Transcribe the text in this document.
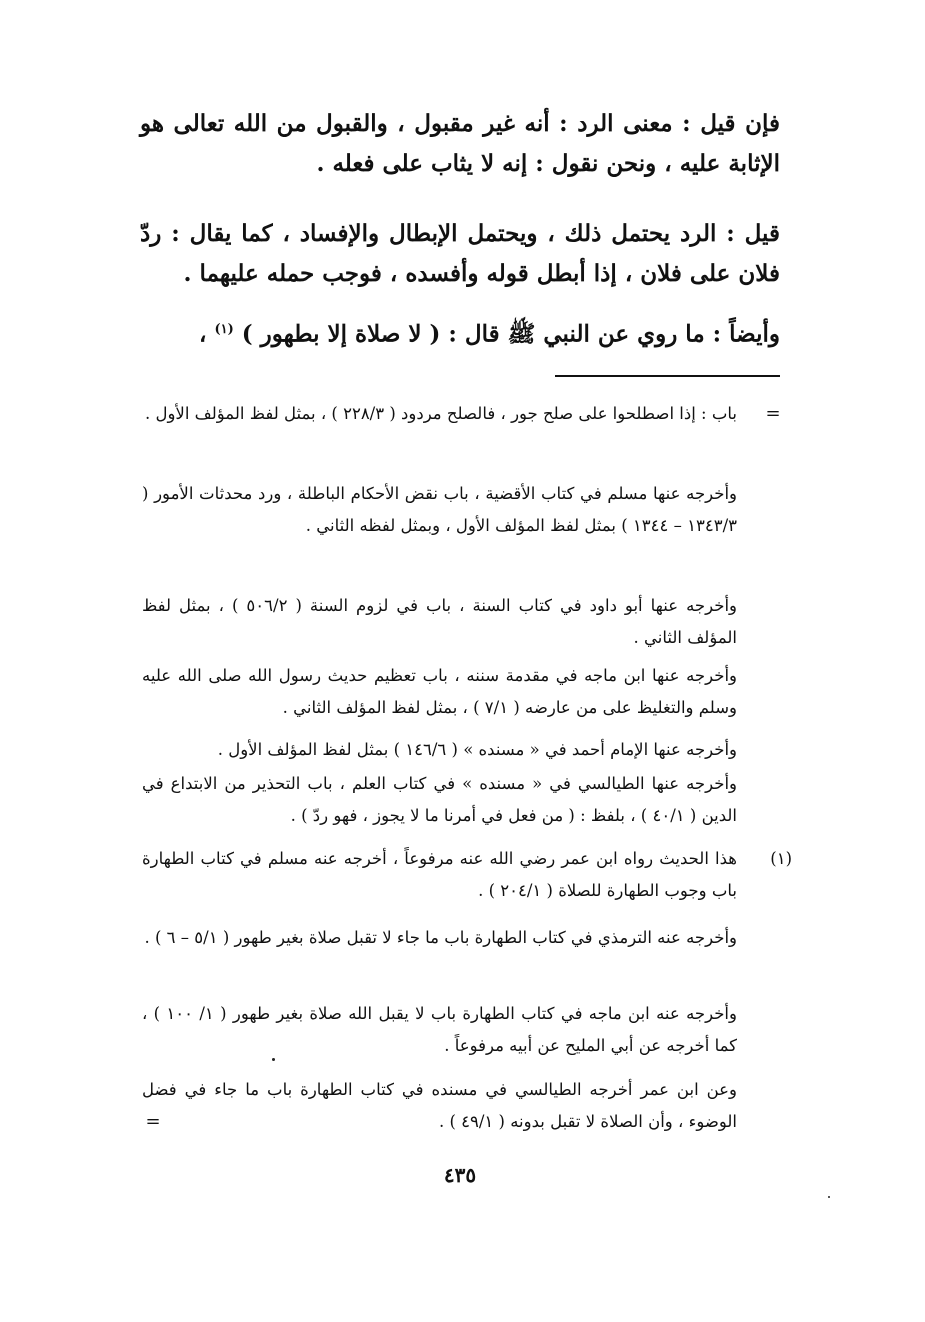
فإن قيل : معنى الرد : أنه غير مقبول ، والقبول من الله تعالى هو الإثابة عليه ، ونحن نقول : إنه لا يثاب على فعله .

قيل : الرد يحتمل ذلك ، ويحتمل الإبطال والإفساد ، كما يقال : ردّ فلان على فلان ، إذا أبطل قوله وأفسده ، فوجب حمله عليهما .

وأيضاً : ما روي عن النبي ﷺ قال : ( لا صلاة إلا بطهور ) $^{(١)}$ ،

=

باب : إذا اصطلحوا على صلح جور ، فالصلح مردود ( ٢٢٨/٣ ) ، بمثل لفظ المؤلف الأول .

وأخرجه عنها مسلم في كتاب الأقضية ، باب نقض الأحكام الباطلة ، ورد محدثات الأمور ( ١٣٤٣/٣ – ١٣٤٤ ) بمثل لفظ المؤلف الأول ، وبمثل لفظه الثاني .

وأخرجه عنها أبو داود في كتاب السنة ، باب في لزوم السنة ( ٥٠٦/٢ ) ، بمثل لفظ المؤلف الثاني .

وأخرجه عنها ابن ماجه في مقدمة سننه ، باب تعظيم حديث رسول الله صلى الله عليه وسلم والتغليظ على من عارضه ( ٧/١ ) ، بمثل لفظ المؤلف الثاني .

وأخرجه عنها الإمام أحمد في « مسنده » ( ١٤٦/٦ ) بمثل لفظ المؤلف الأول .

وأخرجه عنها الطيالسي في « مسنده » في كتاب العلم ، باب التحذير من الابتداع في الدين ( ٤٠/١ ) ، بلفظ : ( من فعل في أمرنا ما لا يجوز ، فهو ردّ ) .

(١)

هذا الحديث رواه ابن عمر رضي الله عنه مرفوعاً ، أخرجه عنه مسلم في كتاب الطهارة باب وجوب الطهارة للصلاة ( ٢٠٤/١ ) .

وأخرجه عنه الترمذي في كتاب الطهارة باب ما جاء لا تقبل صلاة بغير طهور ( ٥/١ – ٦ ) .

وأخرجه عنه ابن ماجه في كتاب الطهارة باب لا يقبل الله صلاة بغير طهور ( ١/ ١٠٠ ) ، كما أخرجه عن أبي المليح عن أبيه مرفوعاً .

وعن ابن عمر أخرجه الطيالسي في مسنده في كتاب الطهارة باب ما جاء في فضل الوضوء ، وأن الصلاة لا تقبل بدونه ( ٤٩/١ ) .

=
٤٣٥
